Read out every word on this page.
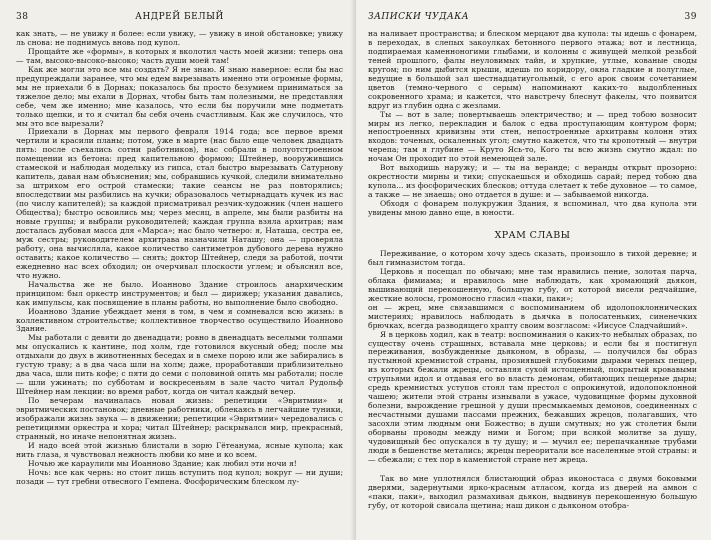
38	АНДРЕЙ БЕЛЫЙ

как знать, — не увижу я более: если увижу, — увижу в иной обстановке; увижу ль снова: не поднимусь вновь под купол.

Прощайте же «формы», в которых я вколотил часть моей жизни: теперь она — там, высоко-высоко-высоко; часть души моей там!

Как же могли это все мы создать? Я не знаю. Я знаю наверное: если бы нас предупреждали заранее, что мы едем вырезывать именно эти огромные формы, мы не приехали б в Дорнах; показалось бы просто безумием приниматься за тяжелое дело; мы ехали в Дорнах, чтобы быть там полезными, не представляя себе, чем же именно; мне казалось, что если бы поручили мне подметать только щепки, и то я считал бы себя очень счастливым. Как же случилось, что мы это все вырезали?

Приехали в Дорнах мы первого февраля 1914 года; все первое время чертили и красили планы; потом, уже в марте (нас было еще человек двадцать пять: после съехались сотни работников), нас собрали в полуотстроенном помещении из бетона: пред капительною формою; Штейнер, вооружившись стамеской и наблюдая моделькy из гипса, стал быстро вырезывать Сатурнову капитель, давая нам объяснения; мы, собравшись кучкой, следили внимательно за штрихом его острой стамески; такие сеансы не раз повторялись; впоследствии мы разбились на кучки; образовалось четырнадцать кучек из нас (по числу капителей); за каждой присматривал резчик-художник (член нашего Общества); быстро освоились мы; через месяц, в апреле, мы были разбиты на новые группы; и выбрали руководителей; каждая группа взяла архитрав; нам досталась дубовая масса для «Марса»; нас было четверо: я, Наташа, сестра ее, муж сестры; руководителем архитрава назначили Наташу; она — проверяла работу, она вычисляла, какое количество сантиметров дубового дерева нужно оставить; какое количество — снять; доктор Штейнер, следя за работой, почти ежедневно нас всех обходил; он очерчивал плоскости углем; и объяснял все, что нужно.

Начальства же не было. Иоанново Здание строилось анархическим принципом: был оркестр инструментов; и был — дирижер; указания давались, как импульсы, как посвящение в планы работы, но выполнение было свободно.

Иоанново Здание убеждает меня в том, в чем я сомневался всю жизнь: в коллективном строительстве; коллективное творчество осуществило Иоанново Здание.

Мы работали с девяти до двенадцати; ровно в двенадцать веселыми толпами мы опускались к кантине, под холм, где готовился вкусный обед; после мы отдыхали до двух в животненных беседах и в смехе порою или же забирались в густую траву; а в два часа шли на холм; даже, проработавши приблизительно два часа, шли пить кофе; с пяти до семи с половиной опять мы работали; после — шли ужинать; по субботам и воскресеньям в зале часто читал Рудольф Штейнер нам лекции: во время работ, когда он читал каждый вечер.

По вечерам начиналась новая жизнь: репетиции «Эвритмии» и эвритмических постановок; дневные работники, облекаясь в легчайшие туники, изображали жизнь звука — в движении; репетиции «Эвритмии» чередовались с репетициями оркестра и хора; читал Штейнер; раскрывался мир, прекрасный, странный, но иначе непонятная жизнь.

И надо всей этой жизнью блистали в зорю Гётеанума, ясные купола; как нить глаза, я чувствовал нежность любви ко мне и ко всем.

Ночью же караулили мы Иоанново Здание; как любил эти ночи я!

Ночь: все как чернь: но стоит лишь вступить под купол; вокруг — ни души; позади — тут гребни отвесного Гемпена. Фосфорическим блеском лу-

ЗАПИСКИ ЧУДАКА	39

на наливает пространства; и блеском мерцают два купола: ты идешь с фонарем, в переходах, в слепых закоулках бетонного первого этажа; вот и лестница, подпираемая каменноногими глыбами, и колонны с живущей мелкой резьбой теней прошлого, фалы неуловимых тайн, и хрупкие, утлые, кованые своды кругом; по ним дыбится крыши, идешь по коридору, окна гладкие и полуглые, ведущие в большой зал шестнадцатиугольный, с его арок своим сочетанием цветов (темно-черного с серым) напоминают каких-то выдолбленных сокровенного храма; и кажется, что навстречу блеснут факелы, что появится вдруг из глубин одна с жезлами.

Ты — вот в зале; повертываешь электричество; и — пред тобою возносит миры из легко, перекладин и балок с едва проступающим контуром форм; непостроенных кривизны эти стен, непостроенные архитравы колонн этих входов: точеных, оскаленных угол; смутно кажется, что ты кропотный — внутри черепа; там я глубине — Круто Ясь-то, Кого ты всю жизнь смутно ждал: по ночам Он проходит по этой немеющей зале.

Вот выходишь наружу; и — ты на веранде; с веранды открыт прозорно: окрестности мирны и тихи; спускаешься и обходишь сарай; перед тобою два купола... из фосфорических блесков; оттуда слетает к тебе духовное — тo самое, а также — не знаешь; оно отдается в душе: и — забываемой никогда.

Обходя с фонарем полукружия Здания, я вспоминал, что два купола эти увидены мною давно еще, в юности.

ХРАМ СЛАВЫ

Переживание, о котором хочу здесь сказать, произошло в тихой деревне; и был гимназистом тогда.

Церковь я посещал по обычаю; мне там нравились пение, золотая парча, облака фимиама; и нравилось мне наблюдать, как хромающий дьякон, вышивающий перекошенную, большую губу, от которой висели редчайшие, жесткие волосы, громоносно гласил «паки, паки»;

он — жрец, мне связавшимся с воспоминанием об идолопоклоннических мистериях; нравилось наблюдать в дьячка в полосатеньких, синенечких брючках, всегда разводящего храпту своим возгласом: «Иисусе Сладчайший».

Я в церковь ходил, как в театр: воспоминания о каких-то небылых образах, по существу очень страшных, вставала мне церковь; и если бы я постигнул переживания, возбужденные дьяконом, в образы, — получился бы образ пустынной кремнистой страны, прозиявшей глубокими дырами черных пещер, из которых бежали жрецы, оставляя сухой истощенный, покрытый кровавыми струпьями идол и отдавая его во власть демонам, обитающих пещерные дыры; средь кремнистых уступов стоял там престол с опрокинутой, идолопоклонной чашею; жители этой страны изнывали в ужасе, чудовищные формы духовной болезни, вырождение грешной у души пресмыкаемых демонов, соединенных с несчастными душами пассами прежних, бежавших жрецов, полагавших, что засохли этим людным они Божество; в души смутных; но уж столетия были оборваны проводы между ними и Богом; при всякой молитве за душу, чудовищный бес опускался в ту душу; и — мучил ее; перепачканные трубами люди в бешенстве метались; жрецы переоритали все населенные этой страны: и — сбежали; с тех пор в каменистой стране нет жреца.

Так во мне уплотнялся блистающий образ иконостаса с двумя боковыми дверями, задернутыми ярко-красным атласом, когда из дверей на амвон с «паки, паки», выходил размахивая дьякон, выдвинув перекошенную большую губу, от которой свисала щетина; наш дикон с дьяконом отобра-
